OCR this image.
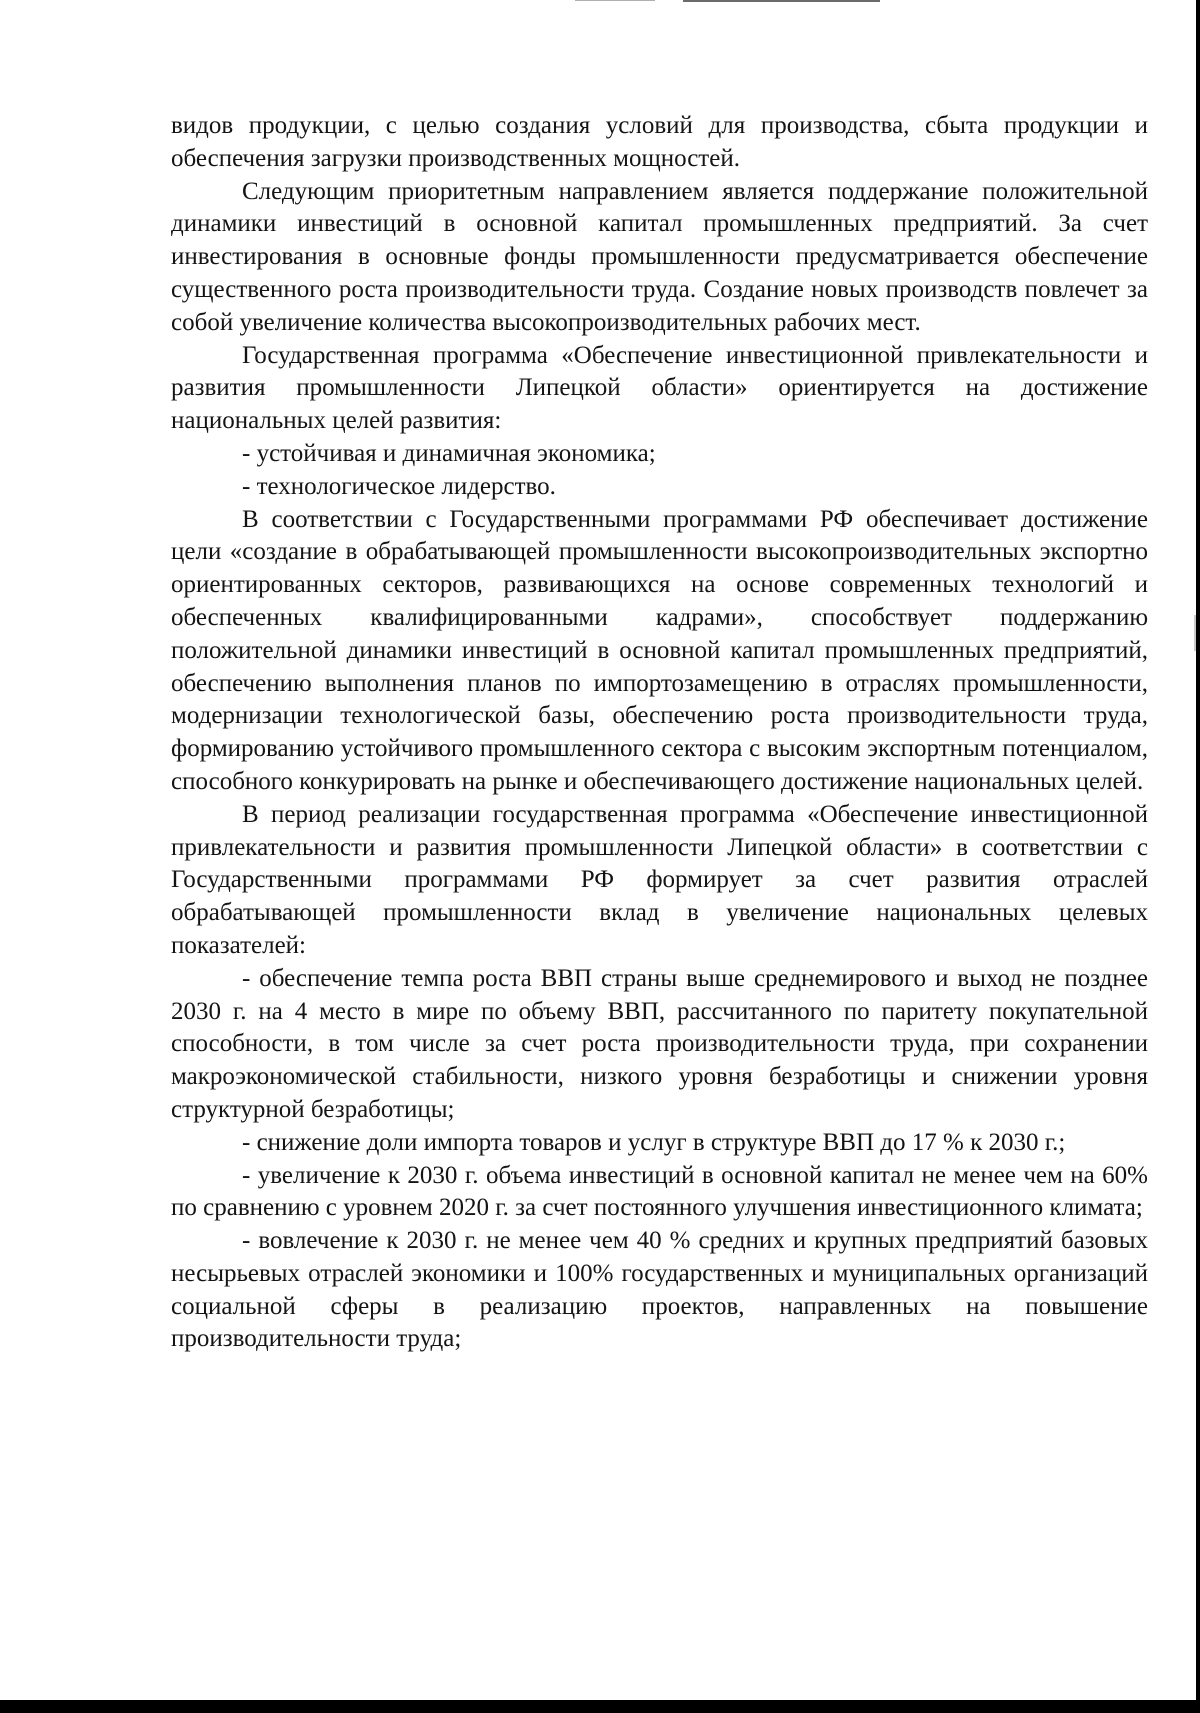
видов продукции, с целью создания условий для производства, сбыта продукции и обеспечения загрузки производственных мощностей.

Следующим приоритетным направлением является поддержание положительной динамики инвестиций в основной капитал промышленных предприятий. За счет инвестирования в основные фонды промышленности предусматривается обеспечение существенного роста производительности труда. Создание новых производств повлечет за собой увеличение количества высокопроизводительных рабочих мест.

Государственная программа «Обеспечение инвестиционной привлекательности и развития промышленности Липецкой области» ориентируется на достижение национальных целей развития:

- устойчивая и динамичная экономика;

- технологическое лидерство.

В соответствии с Государственными программами РФ обеспечивает достижение цели «создание в обрабатывающей промышленности высокопроизводительных экспортно ориентированных секторов, развивающихся на основе современных технологий и обеспеченных квалифицированными кадрами», способствует поддержанию положительной динамики инвестиций в основной капитал промышленных предприятий, обеспечению выполнения планов по импортозамещению в отраслях промышленности, модернизации технологической базы, обеспечению роста производительности труда, формированию устойчивого промышленного сектора с высоким экспортным потенциалом, способного конкурировать на рынке и обеспечивающего достижение национальных целей.

В период реализации государственная программа «Обеспечение инвестиционной привлекательности и развития промышленности Липецкой области» в соответствии с Государственными программами РФ формирует за счет развития отраслей обрабатывающей промышленности вклад в увеличение национальных целевых показателей:

- обеспечение темпа роста ВВП страны выше среднемирового и выход не позднее 2030 г. на 4 место в мире по объему ВВП, рассчитанного по паритету покупательной способности, в том числе за счет роста производительности труда, при сохранении макроэкономической стабильности, низкого уровня безработицы и снижении уровня структурной безработицы;

- снижение доли импорта товаров и услуг в структуре ВВП до 17 % к 2030 г.;

- увеличение к 2030 г. объема инвестиций в основной капитал не менее чем на 60% по сравнению с уровнем 2020 г. за счет постоянного улучшения инвестиционного климата;

- вовлечение к 2030 г. не менее чем 40 % средних и крупных предприятий базовых несырьевых отраслей экономики и 100% государственных и муниципальных организаций социальной сферы в реализацию проектов, направленных на повышение производительности труда;
